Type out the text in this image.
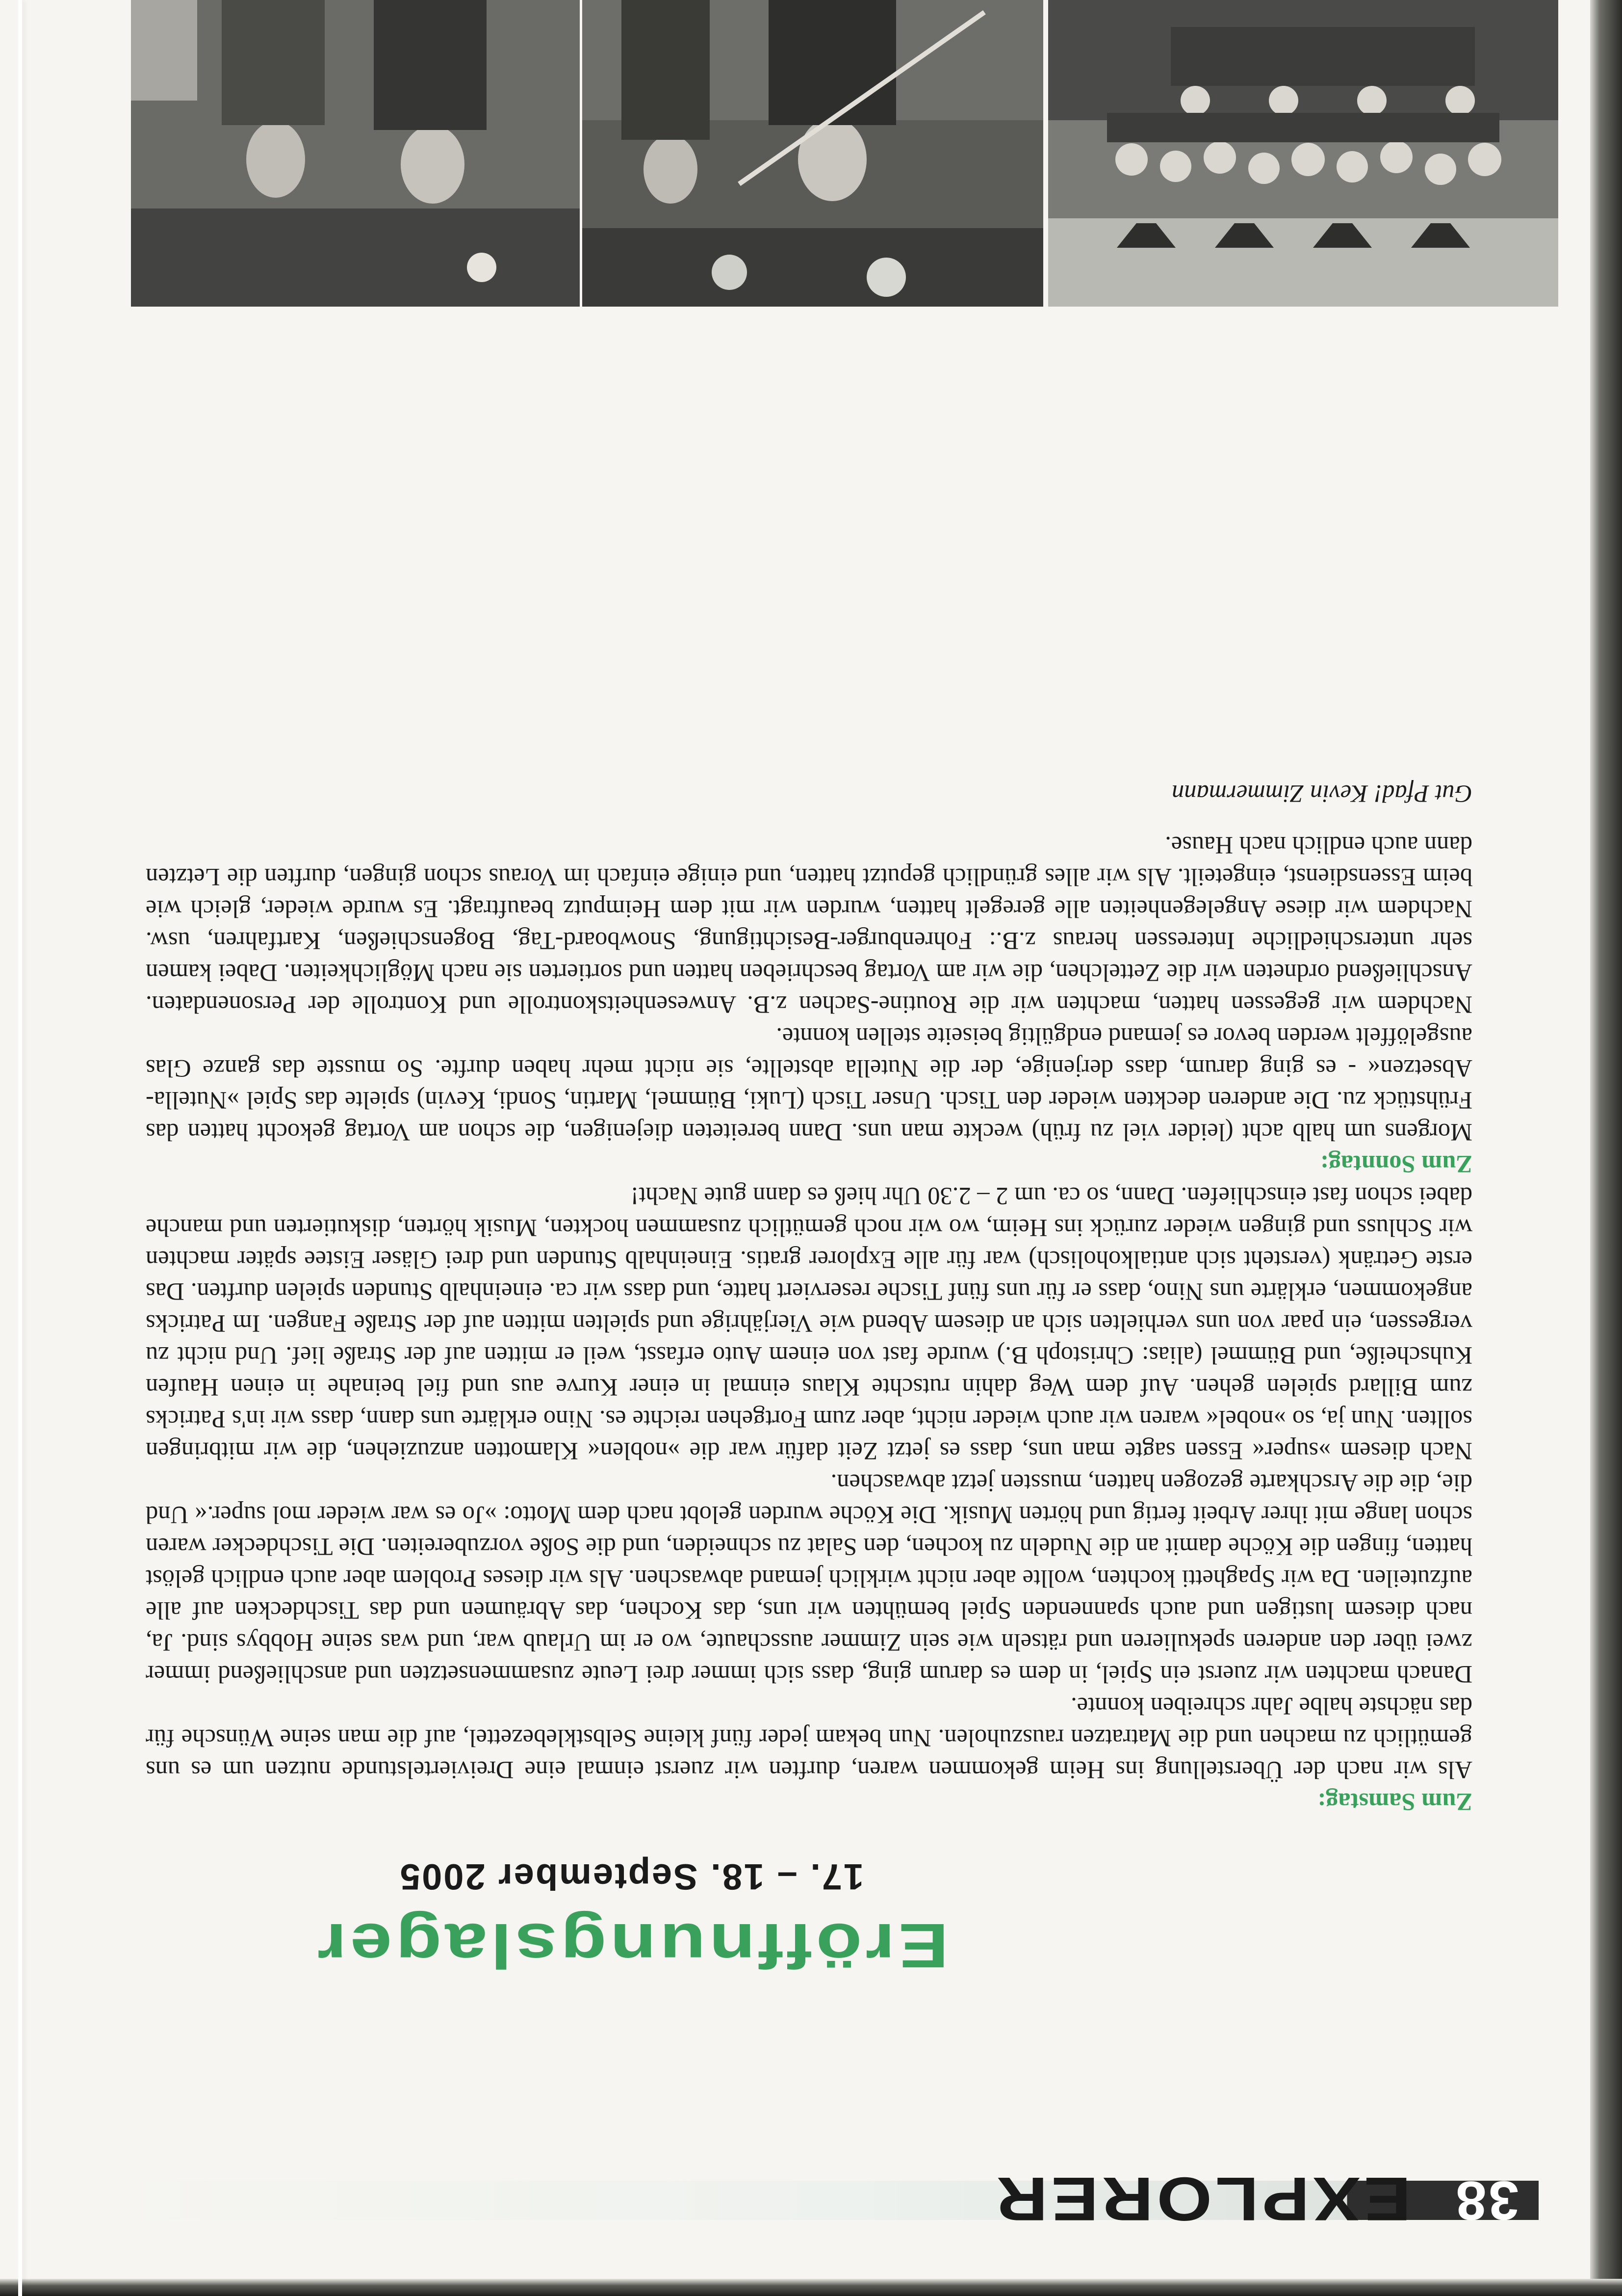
38
EXPLORER
Eröffnungslager
17. – 18. September 2005

Zum Samstag:

Als wir nach der Überstellung ins Heim gekommen waren, durften wir zuerst einmal eine Dreiviertelstunde nutzen um es uns gemütlich zu machen und die Matratzen rauszuholen. Nun bekam jeder fünf kleine Selbstklebezettel, auf die man seine Wünsche für das nächste halbe Jahr schreiben konnte.

Danach machten wir zuerst ein Spiel, in dem es darum ging, dass sich immer drei Leute zusammensetzten und anschließend immer zwei über den anderen spekulieren und rätseln wie sein Zimmer ausschaute, wo er im Urlaub war, und was seine Hobbys sind. Ja, nach diesem lustigen und auch spannenden Spiel bemühten wir uns, das Kochen, das Abräumen und das Tischdecken auf alle aufzuteilen. Da wir Spaghetti kochten, wollte aber nicht wirklich jemand abwaschen. Als wir dieses Problem aber auch endlich gelöst hatten, fingen die Köche damit an die Nudeln zu kochen, den Salat zu schneiden, und die Soße vorzubereiten. Die Tischdecker waren schon lange mit ihrer Arbeit fertig und hörten Musik. Die Köche wurden gelobt nach dem Motto: »Jo es war wieder mol super.« Und die, die die Arschkarte gezogen hatten, mussten jetzt abwaschen.

Nach diesem »super« Essen sagte man uns, dass es jetzt Zeit dafür war die »noblen« Klamotten anzuziehen, die wir mitbringen sollten. Nun ja, so »nobel« waren wir auch wieder nicht, aber zum Fortgehen reichte es. Nino erklärte uns dann, dass wir in's Patricks zum Billard spielen gehen. Auf dem Weg dahin rutschte Klaus einmal in einer Kurve aus und fiel beinahe in einen Haufen Kuhscheiße, und Bümmel (alias: Christoph B.) wurde fast von einem Auto erfasst, weil er mitten auf der Straße lief. Und nicht zu vergessen, ein paar von uns verhielten sich an diesem Abend wie Vierjährige und spielten mitten auf der Straße Fangen. Im Patricks angekommen, erklärte uns Nino, dass er für uns fünf Tische reserviert hatte, und dass wir ca. eineinhalb Stunden spielen durften. Das erste Getränk (versteht sich antialkoholisch) war für alle Explorer gratis. Eineinhalb Stunden und drei Gläser Eistee später machten wir Schluss und gingen wieder zurück ins Heim, wo wir noch gemütlich zusammen hockten, Musik hörten, diskutierten und manche dabei schon fast einschliefen. Dann, so ca. um 2 – 2.30 Uhr hieß es dann gute Nacht!

Zum Sonntag:

Morgens um halb acht (leider viel zu früh) weckte man uns. Dann bereiteten diejenigen, die schon am Vortag gekocht hatten das Frühstück zu. Die anderen deckten wieder den Tisch. Unser Tisch (Luki, Bümmel, Martin, Sondi, Kevin) spielte das Spiel »Nutella-Absetzen« - es ging darum, dass derjenige, der die Nutella abstellte, sie nicht mehr haben durfte. So musste das ganze Glas ausgelöffelt werden bevor es jemand endgültig beiseite stellen konnte.

Nachdem wir gegessen hatten, machten wir die Routine-Sachen z.B. Anwesenheitskontrolle und Kontrolle der Personendaten. Anschließend ordneten wir die Zettelchen, die wir am Vortag beschrieben hatten und sortierten sie nach Möglichkeiten. Dabei kamen sehr unterschiedliche Interessen heraus z.B.: Fohrenburger-Besichtigung, Snowboard-Tag, Bogenschießen, Kartfahren, usw. Nachdem wir diese Angelegenheiten alle geregelt hatten, wurden wir mit dem Heimputz beauftragt. Es wurde wieder, gleich wie beim Essensdienst, eingeteilt. Als wir alles gründlich geputzt hatten, und einige einfach im Voraus schon gingen, durften die Letzten dann auch endlich nach Hause.

Gut Pfad! Kevin Zimmermann
